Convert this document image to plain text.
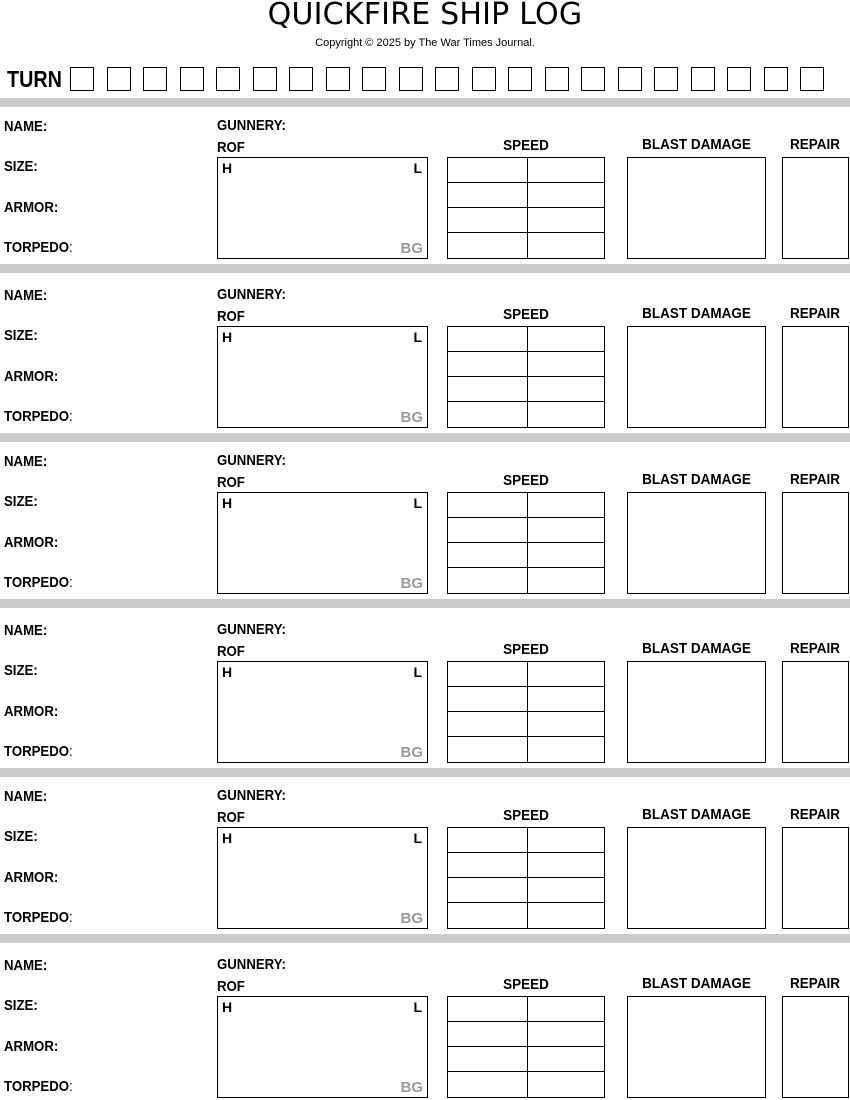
QUICKFIRE SHIP LOG
Copyright © 2025 by The War Times Journal.
TURN
NAME:
SIZE:
ARMOR:
TORPEDO:
GUNNERY:
ROF
H	L
BG
SPEED	BLAST DAMAGE	REPAIR
NAME:
SIZE:
ARMOR:
TORPEDO:
GUNNERY:
ROF
H	L
BG
SPEED	BLAST DAMAGE	REPAIR
NAME:
SIZE:
ARMOR:
TORPEDO:
GUNNERY:
ROF
H	L
BG
SPEED	BLAST DAMAGE	REPAIR
NAME:
SIZE:
ARMOR:
TORPEDO:
GUNNERY:
ROF
H	L
BG
SPEED	BLAST DAMAGE	REPAIR
NAME:
SIZE:
ARMOR:
TORPEDO:
GUNNERY:
ROF
H	L
BG
SPEED	BLAST DAMAGE	REPAIR
NAME:
SIZE:
ARMOR:
TORPEDO:
GUNNERY:
ROF
H	L
BG
SPEED	BLAST DAMAGE	REPAIR
